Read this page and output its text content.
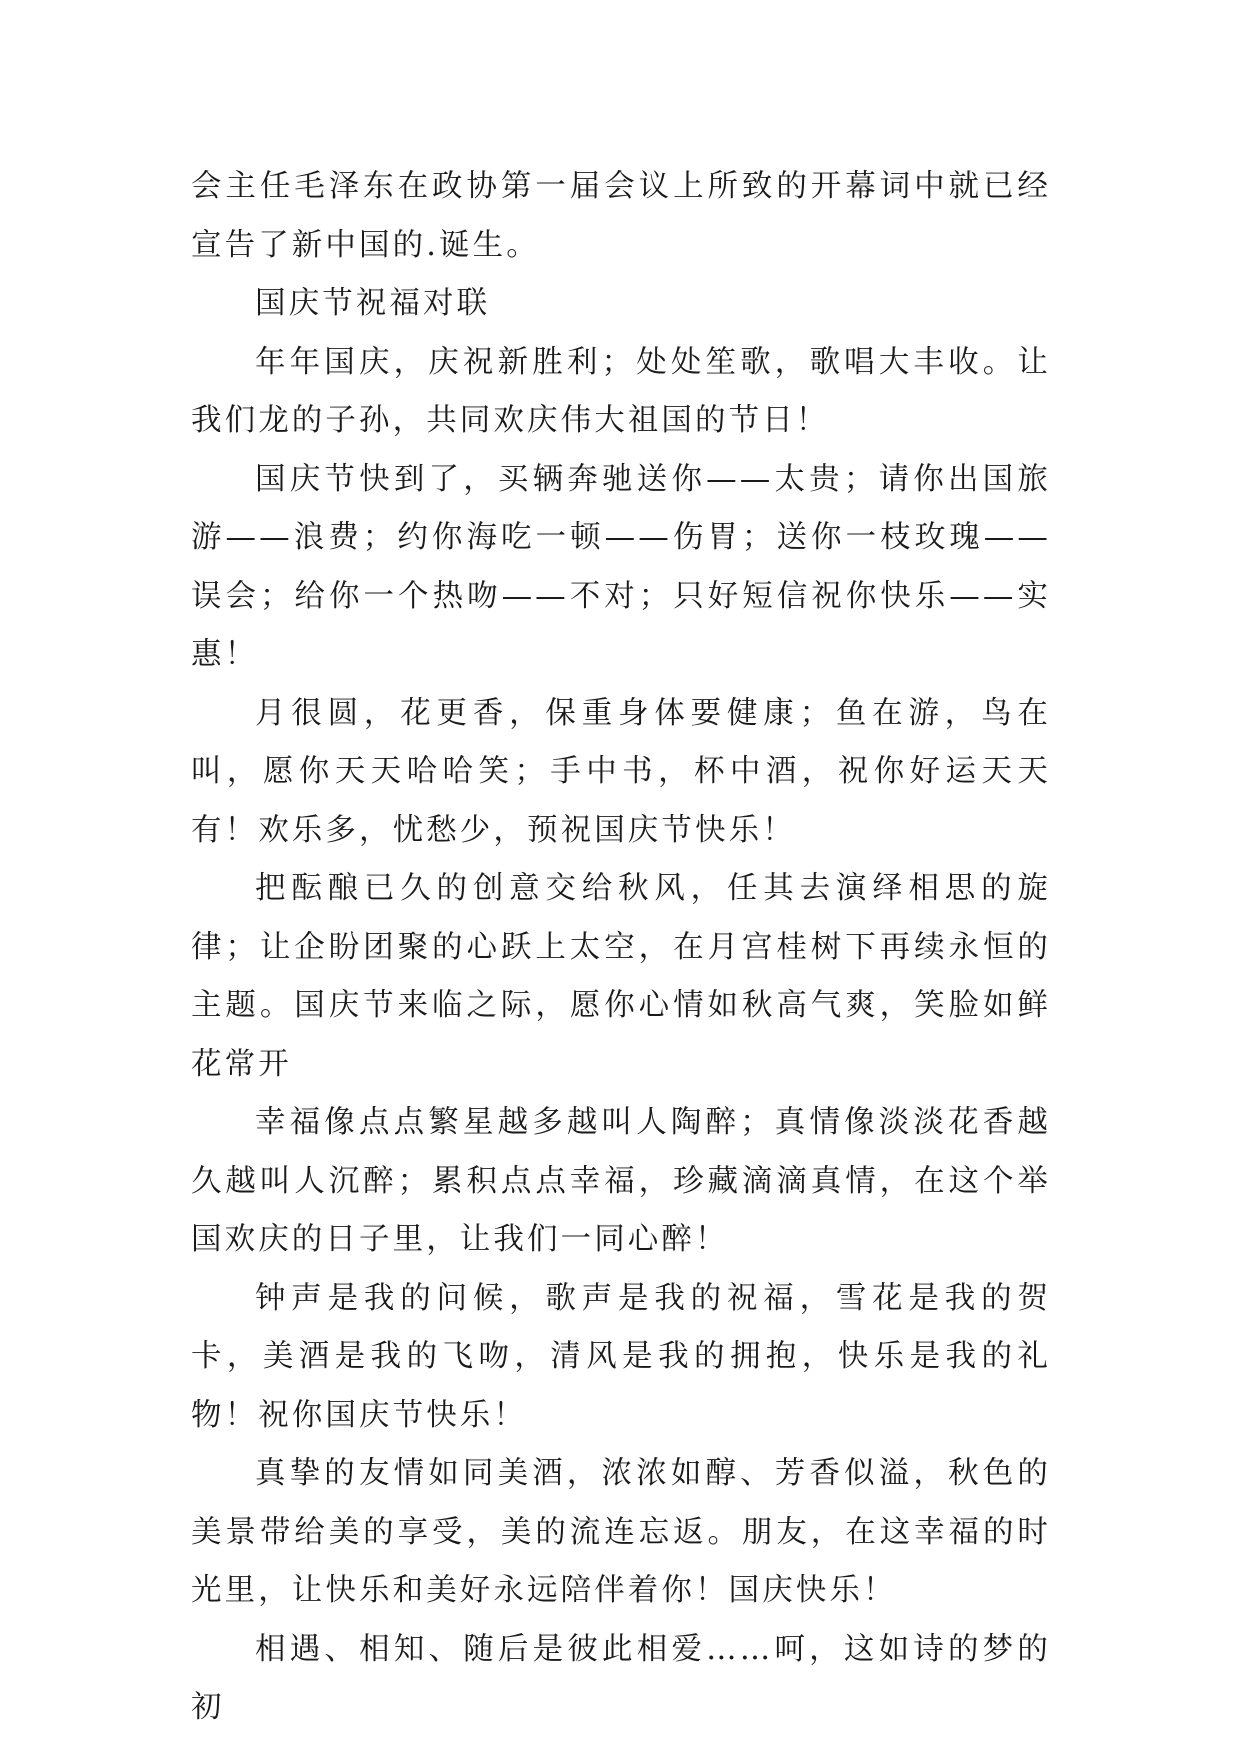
会主任毛泽东在政协第一届会议上所致的开幕词中就已经宣告了新中国的.诞生。

国庆节祝福对联

年年国庆，庆祝新胜利；处处笙歌，歌唱大丰收。让我们龙的子孙，共同欢庆伟大祖国的节日！

国庆节快到了，买辆奔驰送你——太贵；请你出国旅游——浪费；约你海吃一顿——伤胃；送你一枝玫瑰——误会；给你一个热吻——不对；只好短信祝你快乐——实惠！

月很圆，花更香，保重身体要健康；鱼在游，鸟在叫，愿你天天哈哈笑；手中书，杯中酒，祝你好运天天有！欢乐多，忧愁少，预祝国庆节快乐！

把酝酿已久的创意交给秋风，任其去演绎相思的旋律；让企盼团聚的心跃上太空，在月宫桂树下再续永恒的主题。国庆节来临之际，愿你心情如秋高气爽，笑脸如鲜花常开

幸福像点点繁星越多越叫人陶醉；真情像淡淡花香越久越叫人沉醉；累积点点幸福，珍藏滴滴真情，在这个举国欢庆的日子里，让我们一同心醉！

钟声是我的问候，歌声是我的祝福，雪花是我的贺卡，美酒是我的飞吻，清风是我的拥抱，快乐是我的礼物！祝你国庆节快乐！

真挚的友情如同美酒，浓浓如醇、芳香似溢，秋色的美景带给美的享受，美的流连忘返。朋友，在这幸福的时光里，让快乐和美好永远陪伴着你！国庆快乐！

相遇、相知、随后是彼此相爱……呵，这如诗的梦的初
